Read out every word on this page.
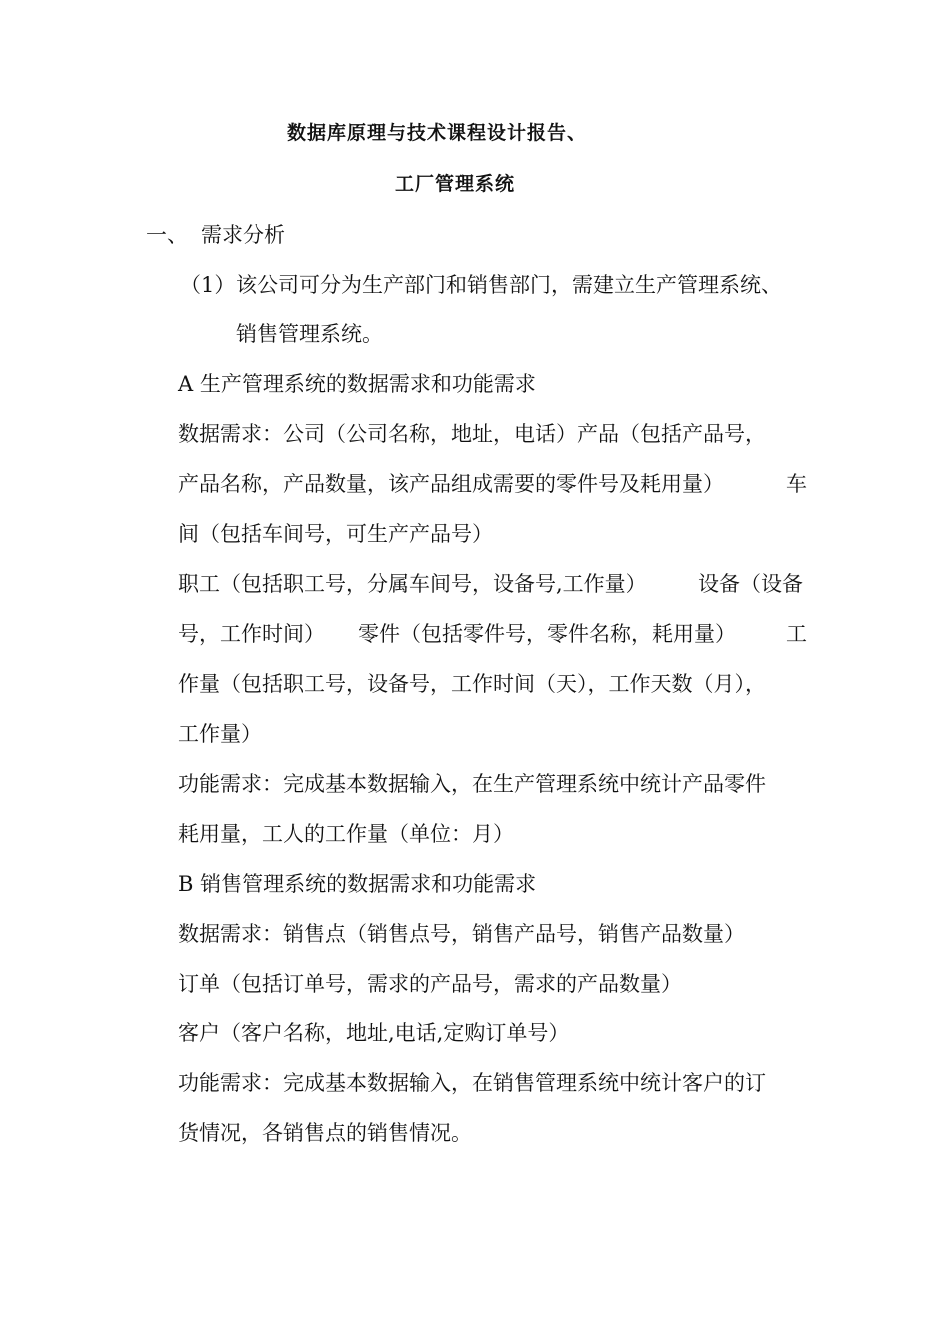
数据库原理与技术课程设计报告、
工厂管理系统
一、 需求分析
（1） 该公司可分为生产部门和销售部门，需建立生产管理系统、
销售管理系统。
A 生产管理系统的数据需求和功能需求
数据需求：公司（公司名称，地址，电话）产品（包括产品号，
产品名称，产品数量，该产品组成需要的零件号及耗用量）	车
间（包括车间号，可生产产品号）
职工（包括职工号，分属车间号，设备号,工作量） 设备（设备
号，工作时间） 零件（包括零件号，零件名称，耗用量） 工
作量（包括职工号，设备号，工作时间（天），工作天数（月），
工作量）
功能需求：完成基本数据输入，在生产管理系统中统计产品零件
耗用量，工人的工作量（单位：月）
B 销售管理系统的数据需求和功能需求
数据需求：销售点（销售点号，销售产品号，销售产品数量）
订单（包括订单号，需求的产品号，需求的产品数量）
客户（客户名称，地址,电话,定购订单号）
功能需求：完成基本数据输入，在销售管理系统中统计客户的订
货情况，各销售点的销售情况。
